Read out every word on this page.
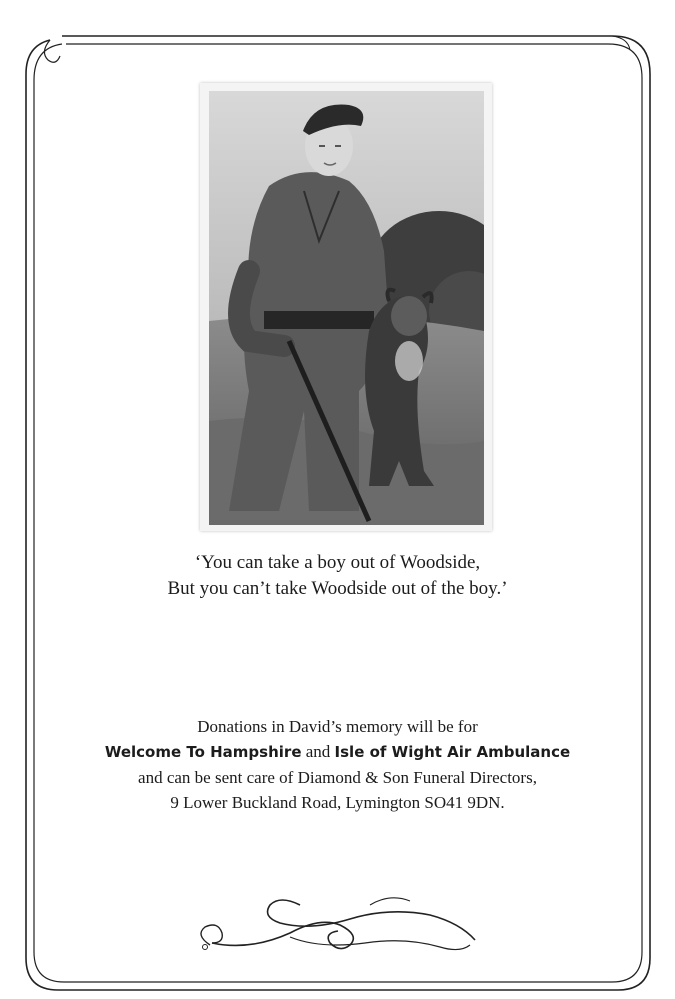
‘You can take a boy out of Woodside,
But you can’t take Woodside out of the boy.’
Donations in David’s memory will be for
Welcome To Hampshire and Isle of Wight Air Ambulance
and can be sent care of Diamond & Son Funeral Directors,
9 Lower Buckland Road, Lymington SO41 9DN.
